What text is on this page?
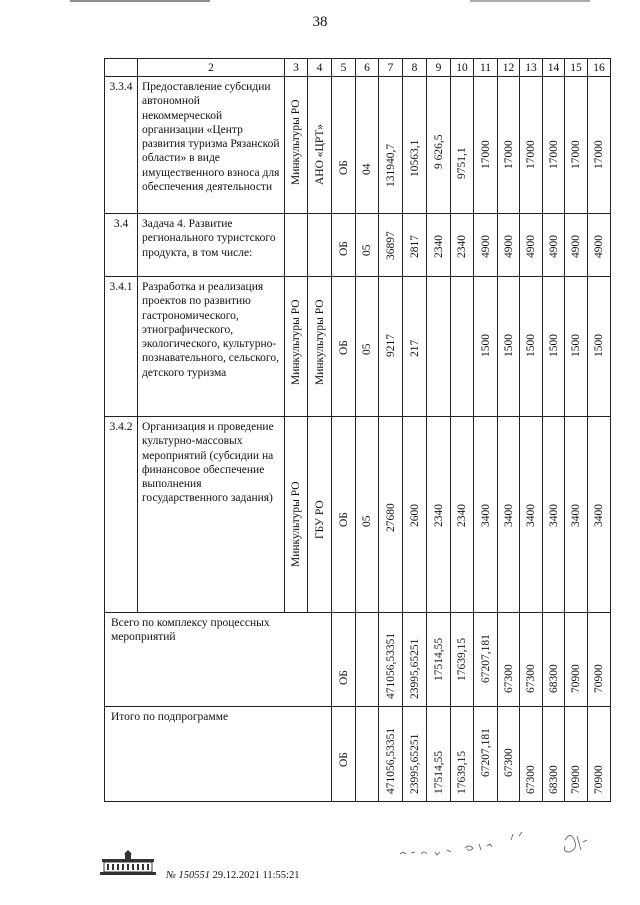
38
	2	3	4	5	6	7	8	9	10	11	12	13	14	15	16
3.3.4	Предоставление субсидии автономной некоммерческой организации «Центр развития туризма Рязанской области» в виде имущественного взноса для обеспечения деятельности	Минкультуры РО	АНО «ЦРТ»	ОБ	04	131940,7	10563,1	9 626,5	9751,1	17000	17000	17000	17000	17000	17000

3.4	Задача 4. Развитие регионального туристского продукта, в том числе:			ОБ	05	36897	2817	2340	2340	4900	4900	4900	4900	4900	4900

3.4.1	Разработка и реализация проектов по развитию гастрономического, этнографического, экологического, культурно-познавательного, сельского, детского туризма	Минкультуры РО	Минкультуры РО	ОБ	05	9217	217			1500	1500	1500	1500	1500	1500

3.4.2	Организация и проведение культурно-массовых мероприятий (субсидии на финансовое обеспечение выполнения государственного задания)	Минкультуры РО	ГБУ РО	ОБ	05	27680	2600	2340	2340	3400	3400	3400	3400	3400	3400

Всего по комплексу процессных мероприятий				ОБ		471056,53351	23995,65251	17514,55	17639,15	67207,181	67300	67300	68300	70900	70900

Итого по подпрограмме				ОБ		471056,53351	23995,65251	17514,55	17639,15	67207,181	67300	67300	68300	70900	70900
№ 150551 29.12.2021 11:55:21
